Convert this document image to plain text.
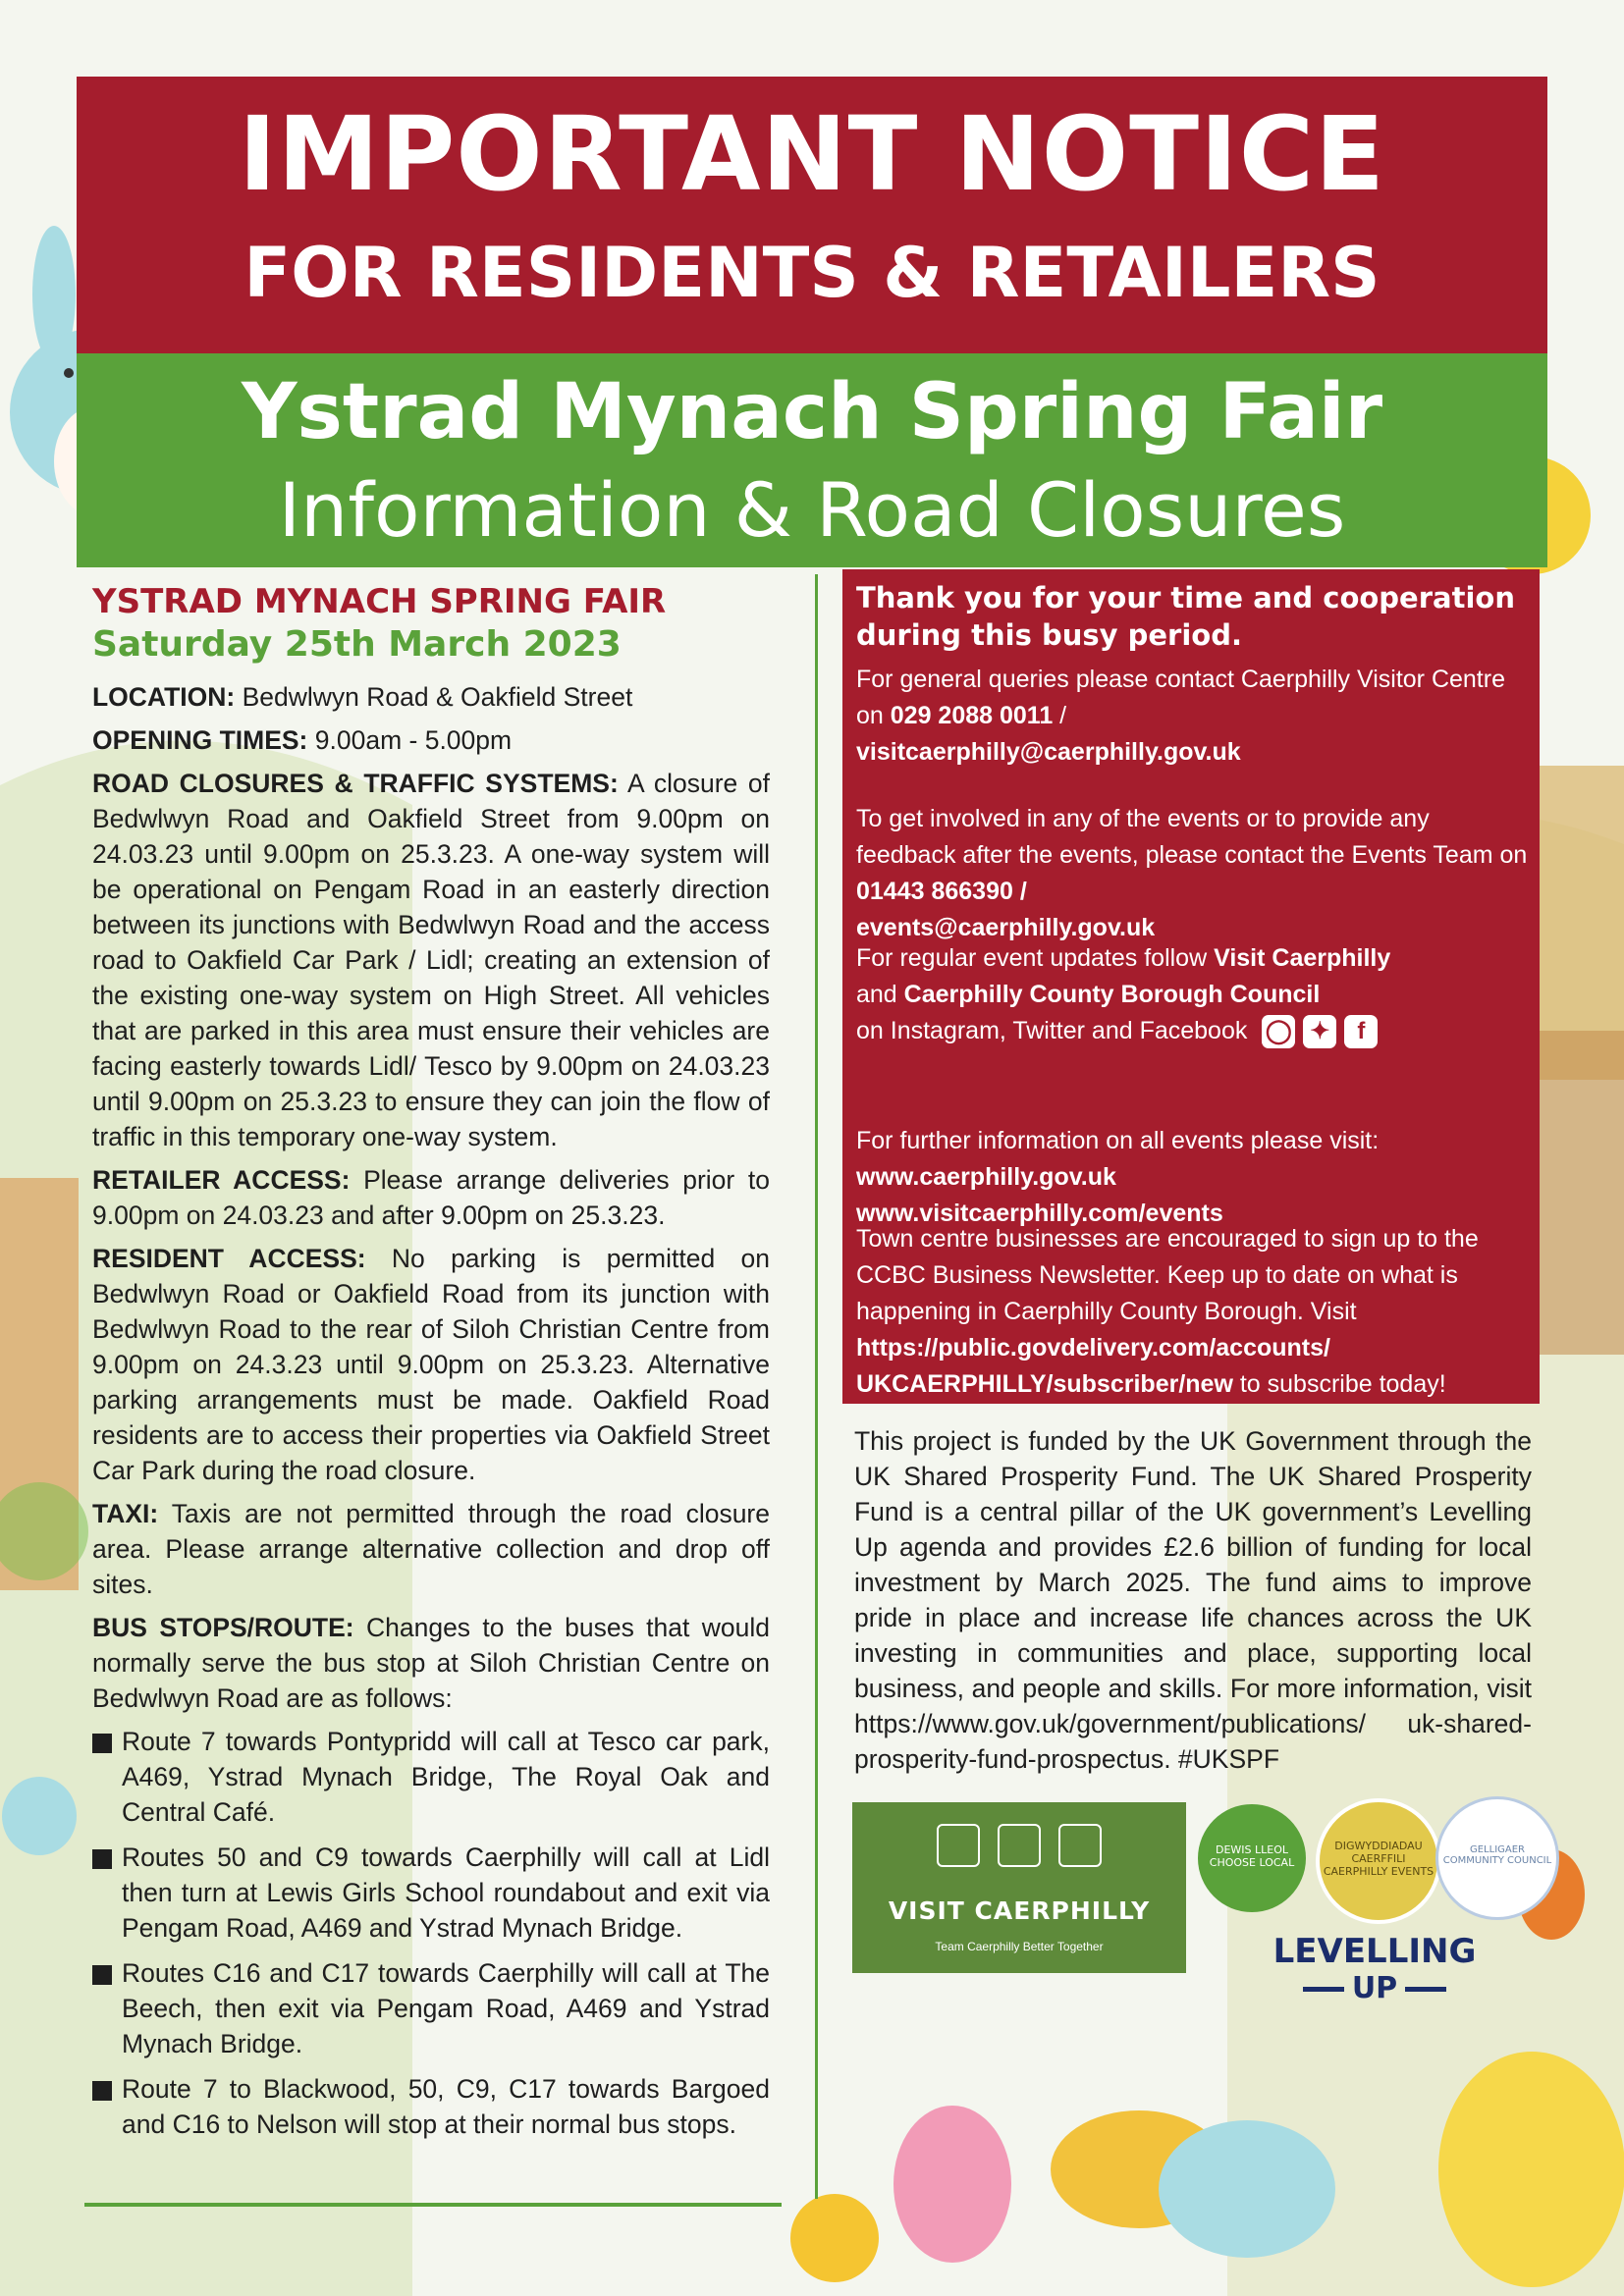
IMPORTANT NOTICE
FOR RESIDENTS & RETAILERS
Ystrad Mynach Spring Fair
Information & Road Closures
YSTRAD MYNACH SPRING FAIR
Saturday 25th March 2023

LOCATION: Bedwlwyn Road & Oakfield Street

OPENING TIMES: 9.00am - 5.00pm

ROAD CLOSURES & TRAFFIC SYSTEMS: A closure of Bedwlwyn Road and Oakfield Street from 9.00pm on 24.03.23 until 9.00pm on 25.3.23. A one-way system will be operational on Pengam Road in an easterly direction between its junctions with Bedwlwyn Road and the access road to Oakfield Car Park / Lidl; creating an extension of the existing one-way system on High Street. All vehicles that are parked in this area must ensure their vehicles are facing easterly towards Lidl/ Tesco by 9.00pm on 24.03.23 until 9.00pm on 25.3.23 to ensure they can join the flow of traffic in this temporary one-way system.

RETAILER ACCESS: Please arrange deliveries prior to 9.00pm on 24.03.23 and after 9.00pm on 25.3.23.

RESIDENT ACCESS: No parking is permitted on Bedwlwyn Road or Oakfield Road from its junction with Bedwlwyn Road to the rear of Siloh Christian Centre from 9.00pm on 24.3.23 until 9.00pm on 25.3.23. Alternative parking arrangements must be made. Oakfield Road residents are to access their properties via Oakfield Street Car Park during the road closure.

TAXI: Taxis are not permitted through the road closure area. Please arrange alternative collection and drop off sites.

BUS STOPS/ROUTE: Changes to the buses that would normally serve the bus stop at Siloh Christian Centre on Bedwlwyn Road are as follows:

Route 7 towards Pontypridd will call at Tesco car park, A469, Ystrad Mynach Bridge, The Royal Oak and Central Café.
Routes 50 and C9 towards Caerphilly will call at Lidl then turn at Lewis Girls School roundabout and exit via Pengam Road, A469 and Ystrad Mynach Bridge.
Routes C16 and C17 towards Caerphilly will call at The Beech, then exit via Pengam Road, A469 and Ystrad Mynach Bridge.
Route 7 to Blackwood, 50, C9, C17 towards Bargoed and C16 to Nelson will stop at their normal bus stops.
Thank you for your time and cooperation during this busy period.
For general queries please contact Caerphilly Visitor Centre on 029 2088 0011 /
visitcaerphilly@caerphilly.gov.uk
To get involved in any of the events or to provide any feedback after the events, please contact the Events Team on 01443 866390 /
events@caerphilly.gov.uk
For regular event updates follow Visit Caerphilly
and Caerphilly County Borough Council
on Instagram, Twitter and Facebook ◯ ✦	f
For further information on all events please visit:
www.caerphilly.gov.uk
www.visitcaerphilly.com/events
Town centre businesses are encouraged to sign up to the CCBC Business Newsletter. Keep up to date on what is happening in Caerphilly County Borough. Visit https://public.govdelivery.com/accounts/ UKCAERPHILLY/subscriber/new to subscribe today!
This project is funded by the UK Government through the UK Shared Prosperity Fund. The UK Shared Prosperity Fund is a central pillar of the UK government’s Levelling Up agenda and provides £2.6 billion of funding for local investment by March 2025. The fund aims to improve pride in place and increase life chances across the UK investing in communities and place, supporting local business, and people and skills. For more information, visit https://www.gov.uk/government/publications/ uk-shared-prosperity-fund-prospectus. #UKSPF
VISIT CAERPHILLY
Team Caerphilly Better Together
DEWIS LLEOL CHOOSE LOCAL
DIGWYDDIADAU CAERFFILI CAERPHILLY EVENTS
GELLIGAER COMMUNITY COUNCIL
LEVELLING
UP
